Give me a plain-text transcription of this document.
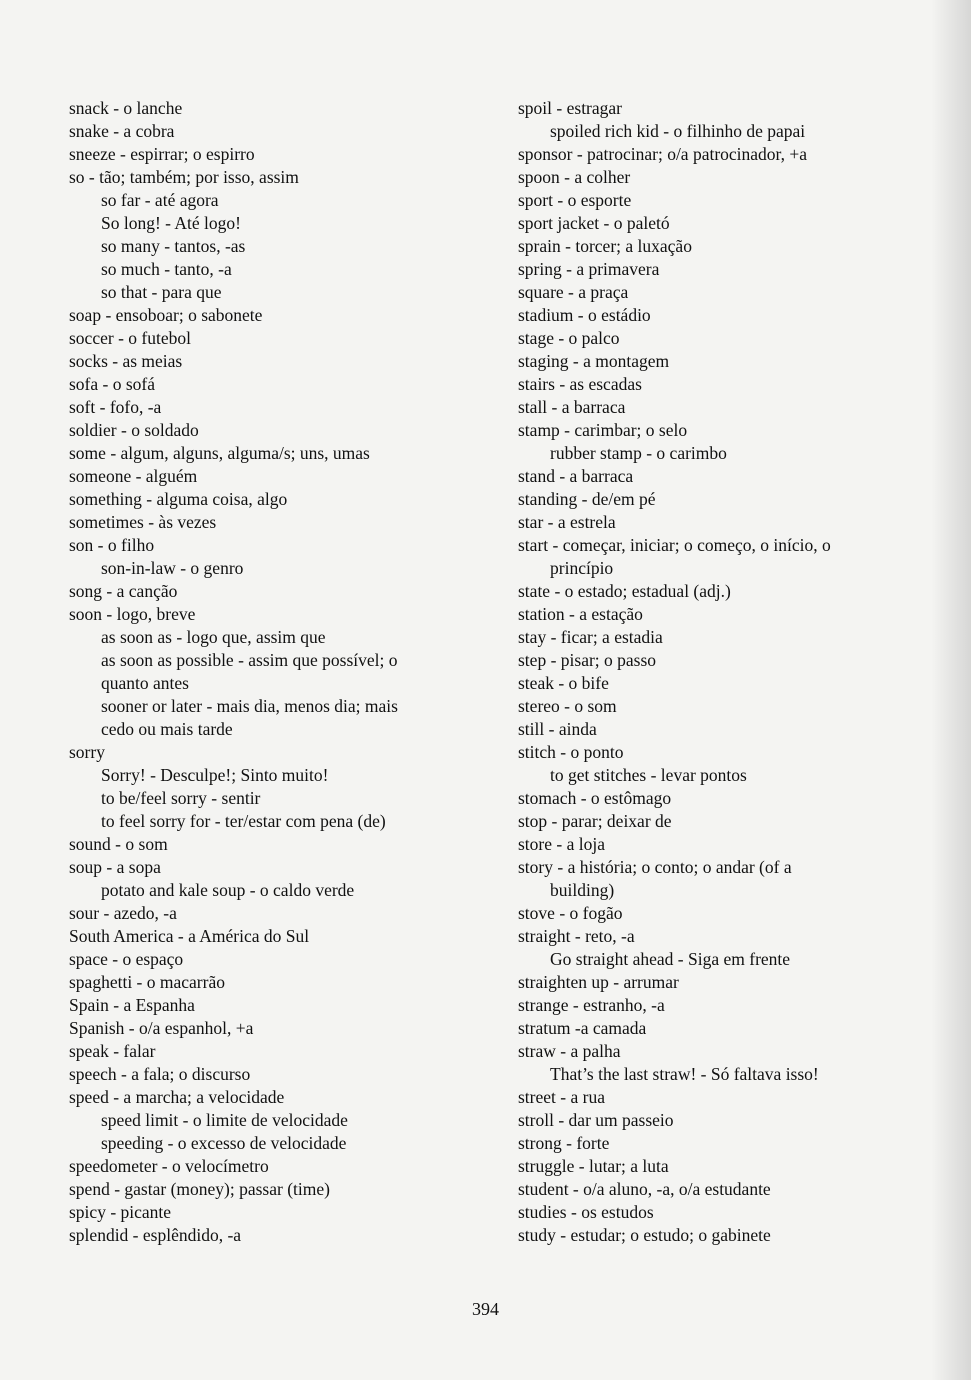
snack - o lanche
snake - a cobra
sneeze - espirrar; o espirro
so - tão; também; por isso, assim
so far - até agora
So long! - Até logo!
so many - tantos, -as
so much - tanto, -a
so that - para que
soap - ensoboar; o sabonete
soccer - o futebol
socks - as meias
sofa - o sofá
soft - fofo, -a
soldier - o soldado
some - algum, alguns, alguma/s; uns, umas
someone - alguém
something - alguma coisa, algo
sometimes - às vezes
son - o filho
son-in-law - o genro
song - a canção
soon - logo, breve
as soon as - logo que, assim que
as soon as possible - assim que possível; o
quanto antes
sooner or later - mais dia, menos dia; mais
cedo ou mais tarde
sorry
Sorry! - Desculpe!; Sinto muito!
to be/feel sorry - sentir
to feel sorry for - ter/estar com pena (de)
sound - o som
soup - a sopa
potato and kale soup - o caldo verde
sour - azedo, -a
South America - a América do Sul
space - o espaço
spaghetti - o macarrão
Spain - a Espanha
Spanish - o/a espanhol, +a
speak - falar
speech - a fala; o discurso
speed - a marcha; a velocidade
speed limit - o limite de velocidade
speeding - o excesso de velocidade
speedometer - o velocímetro
spend - gastar (money); passar (time)
spicy - picante
splendid - esplêndido, -a
spoil - estragar
spoiled rich kid - o filhinho de papai
sponsor - patrocinar; o/a patrocinador, +a
spoon - a colher
sport - o esporte
sport jacket - o paletó
sprain - torcer; a luxação
spring - a primavera
square - a praça
stadium - o estádio
stage - o palco
staging - a montagem
stairs - as escadas
stall - a barraca
stamp - carimbar; o selo
rubber stamp - o carimbo
stand - a barraca
standing - de/em pé
star - a estrela
start - começar, iniciar; o começo, o início, o
princípio
state - o estado; estadual (adj.)
station - a estação
stay - ficar; a estadia
step - pisar; o passo
steak - o bife
stereo - o som
still - ainda
stitch - o ponto
to get stitches - levar pontos
stomach - o estômago
stop - parar; deixar de
store - a loja
story - a história; o conto; o andar (of a
building)
stove - o fogão
straight - reto, -a
Go straight ahead - Siga em frente
straighten up - arrumar
strange - estranho, -a
stratum -a camada
straw - a palha
That’s the last straw! - Só faltava isso!
street - a rua
stroll - dar um passeio
strong - forte
struggle - lutar; a luta
student - o/a aluno, -a, o/a estudante
studies - os estudos
study - estudar; o estudo; o gabinete
394
